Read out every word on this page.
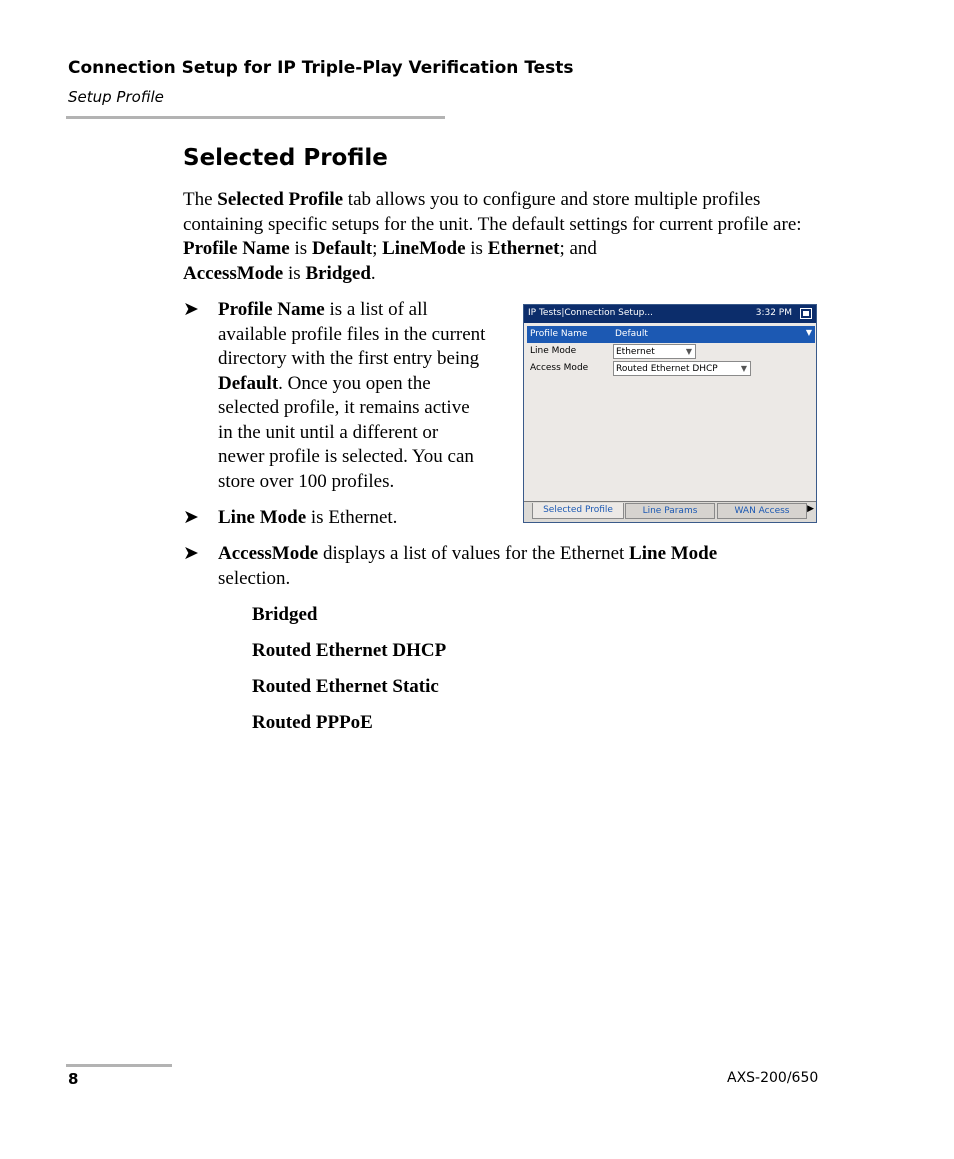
Connection Setup for IP Triple-Play Verification Tests
Setup Profile
Selected Profile

The Selected Profile tab allows you to configure and store multiple profiles containing specific setups for the unit. The default settings for current profile are: Profile Name is Default; LineMode is Ethernet; and
AccessMode is Bridged.

➤ Profile Name is a list of all
available profile files in the current
directory with the first entry being
Default. Once you open the
selected profile, it remains active
in the unit until a different or
newer profile is selected. You can
store over 100 profiles.

➤ Line Mode is Ethernet.

➤ AccessMode displays a list of values for the Ethernet Line Mode
selection.

Bridged
Routed Ethernet DHCP
Routed Ethernet Static
Routed PPPoE
IP Tests|Connection Setup...	3:32 PM
Profile Name	Default	▼
Line Mode	Ethernet	▼
Access Mode	Routed Ethernet DHCP	▼
Selected Profile	Line Params	WAN Access	▶
8	AXS-200/650
